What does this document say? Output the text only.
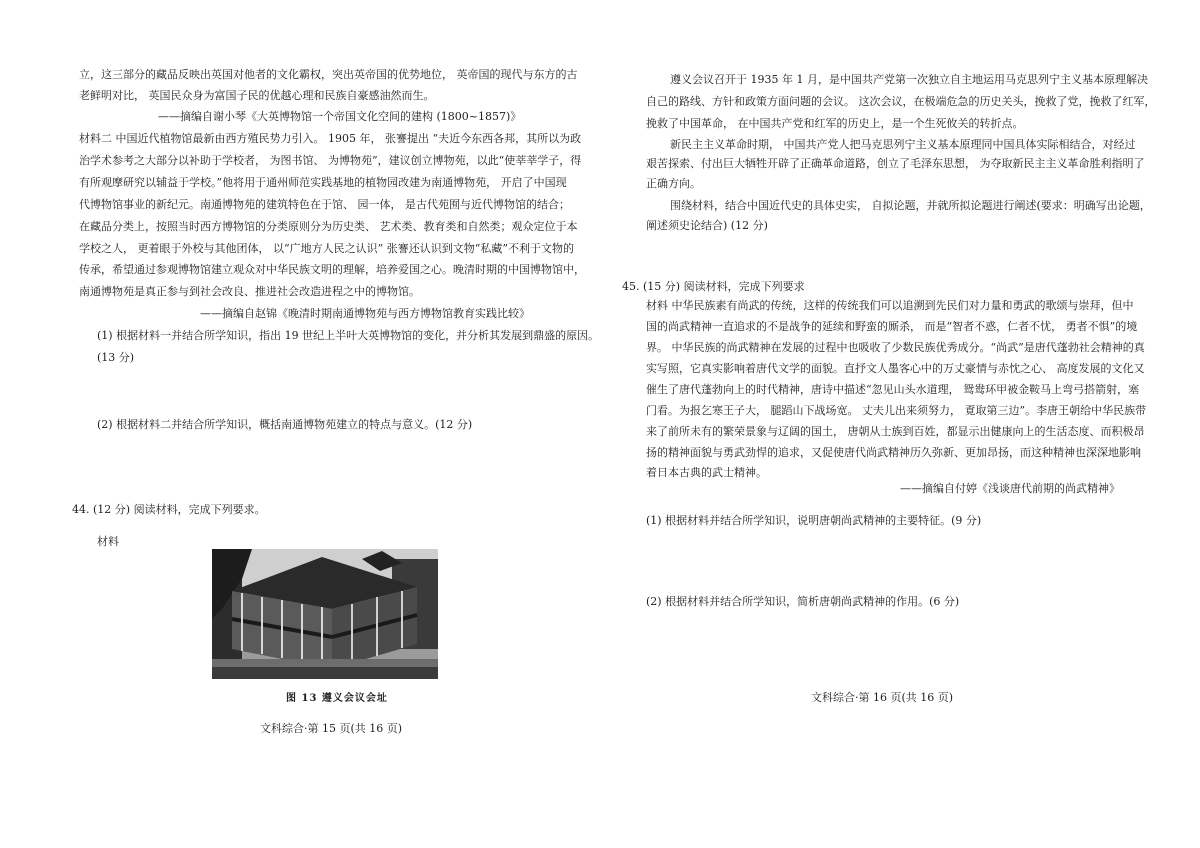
立，这三部分的藏品反映出英国对他者的文化霸权，突出英帝国的优势地位， 英帝国的现代与东方的古
老鲜明对比， 英国民众身为富国子民的优越心理和民族自豪感油然而生。
——摘编自谢小琴《大英博物馆一个帝国文化空间的建构 (1800~1857)》
材料二 中国近代植物馆最新由西方殖民势力引入。 1905 年， 张謇提出 “夫近今东西各邦，其所以为政
治学术参考之大部分以补助于学校者， 为图书馆、 为博物苑”，建议创立博物苑，以此“使莘莘学子，得
有所观摩研究以辅益于学校。”他将用于通州师范实践基地的植物园改建为南通博物苑， 开启了中国现
代博物馆事业的新纪元。南通博物苑的建筑特色在于馆、 园一体， 是古代苑囿与近代博物馆的结合；
在藏品分类上，按照当时西方博物馆的分类原则分为历史类、 艺术类、教育类和自然类；观众定位于本
学校之人， 更着眼于外校与其他团体， 以“广地方人民之认识” 张謇还认识到文物“私藏”不利于文物的
传承，希望通过参观博物馆建立观众对中华民族文明的理解，培养爱国之心。晚清时期的中国博物馆中，
南通博物苑是真正参与到社会改良、推进社会改造进程之中的博物馆。
——摘编自赵锦《晚清时期南通博物苑与西方博物馆教育实践比较》
(1) 根据材料一并结合所学知识，指出 19 世纪上半叶大英博物馆的变化，并分析其发展到鼎盛的原因。
(13 分)
(2) 根据材料二并结合所学知识，概括南通博物苑建立的特点与意义。(12 分)
44. (12 分) 阅读材料，完成下列要求。
材料
图 13 遵义会议会址
文科综合·第 15 页(共 16 页)
遵义会议召开于 1935 年 1 月，是中国共产党第一次独立自主地运用马克思列宁主义基本原理解决
自己的路线、方针和政策方面问题的会议。 这次会议，在极端危急的历史关头，挽救了党，挽救了红军，
挽救了中国革命， 在中国共产党和红军的历史上，是一个生死攸关的转折点。
新民主主义革命时期， 中国共产党人把马克思列宁主义基本原理同中国具体实际相结合，对经过
艰苦探索、付出巨大牺牲开辟了正确革命道路，创立了毛泽东思想， 为夺取新民主主义革命胜利指明了
正确方向。
围绕材料，结合中国近代史的具体史实， 自拟论题，并就所拟论题进行阐述(要求：明确写出论题，
阐述须史论结合) (12 分)
45. (15 分) 阅读材料，完成下列要求
材料 中华民族素有尚武的传统，这样的传统我们可以追溯到先民们对力量和勇武的歌颂与崇拜，但中
国的尚武精神一直追求的不是战争的延续和野蛮的厮杀， 而是“智者不惑，仁者不忧， 勇者不惧”的境
界。 中华民族的尚武精神在发展的过程中也吸收了少数民族优秀成分。“尚武”是唐代蓬勃社会精神的真
实写照，它真实影响着唐代文学的面貌。直抒文人墨客心中的万丈豪情与赤忱之心、 高度发展的文化又
催生了唐代蓬勃向上的时代精神，唐诗中描述“忽见山头水道理， 鸳鸯环甲被金鞍马上弯弓搭箭射，塞
门看。为报乞寒王子大， 腿蹈山下战场宽。 丈夫儿出来须努力， 覔取第三边”。李唐王朝给中华民族带
来了前所未有的繁荣景象与辽阔的国土， 唐朝从士族到百姓，都显示出健康向上的生活态度、而积极昂
扬的精神面貌与勇武劲悍的追求，又促使唐代尚武精神历久弥新、更加昂扬，而这种精神也深深地影响
着日本古典的武士精神。
——摘编自付婷《浅谈唐代前期的尚武精神》
(1) 根据材料并结合所学知识，说明唐朝尚武精神的主要特征。(9 分)
(2) 根据材料并结合所学知识，简析唐朝尚武精神的作用。(6 分)
文科综合·第 16 页(共 16 页)
